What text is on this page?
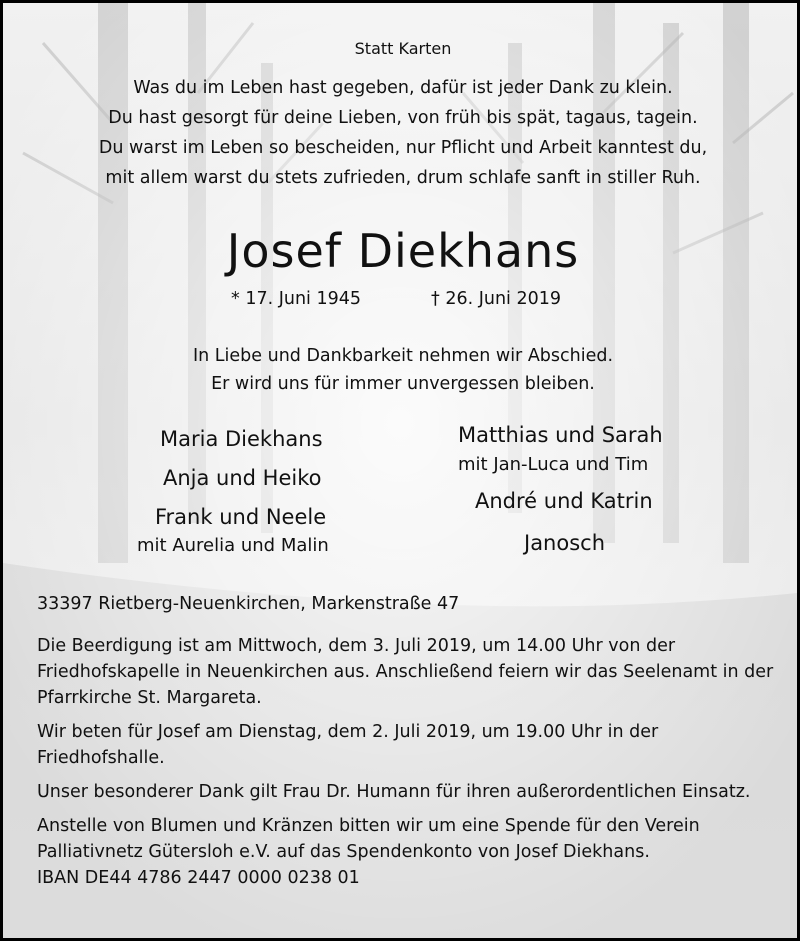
Statt Karten
Was du im Leben hast gegeben, dafür ist jeder Dank zu klein.
Du hast gesorgt für deine Lieben, von früh bis spät, tagaus, tagein.
Du warst im Leben so bescheiden, nur Pflicht und Arbeit kanntest du,
mit allem warst du stets zufrieden, drum schlafe sanft in stiller Ruh.
Josef Diekhans
* 17. Juni 1945	† 26. Juni 2019
In Liebe und Dankbarkeit nehmen wir Abschied.
Er wird uns für immer unvergessen bleiben.
Maria Diekhans
Anja und Heiko
Frank und Neele
mit Aurelia und Malin
Matthias und Sarah
mit Jan-Luca und Tim
André und Katrin
Janosch
33397 Rietberg-Neuenkirchen, Markenstraße 47

Die Beerdigung ist am Mittwoch, dem 3. Juli 2019, um 14.00 Uhr von der Friedhofskapelle in Neuenkirchen aus. Anschließend feiern wir das Seelenamt in der Pfarrkirche St. Margareta.

Wir beten für Josef am Dienstag, dem 2. Juli 2019, um 19.00 Uhr in der Friedhofshalle.

Unser besonderer Dank gilt Frau Dr. Humann für ihren außerordentlichen Einsatz.

Anstelle von Blumen und Kränzen bitten wir um eine Spende für den Verein Palliativnetz Gütersloh e.V. auf das Spendenkonto von Josef Diekhans.

IBAN DE44 4786 2447 0000 0238 01
